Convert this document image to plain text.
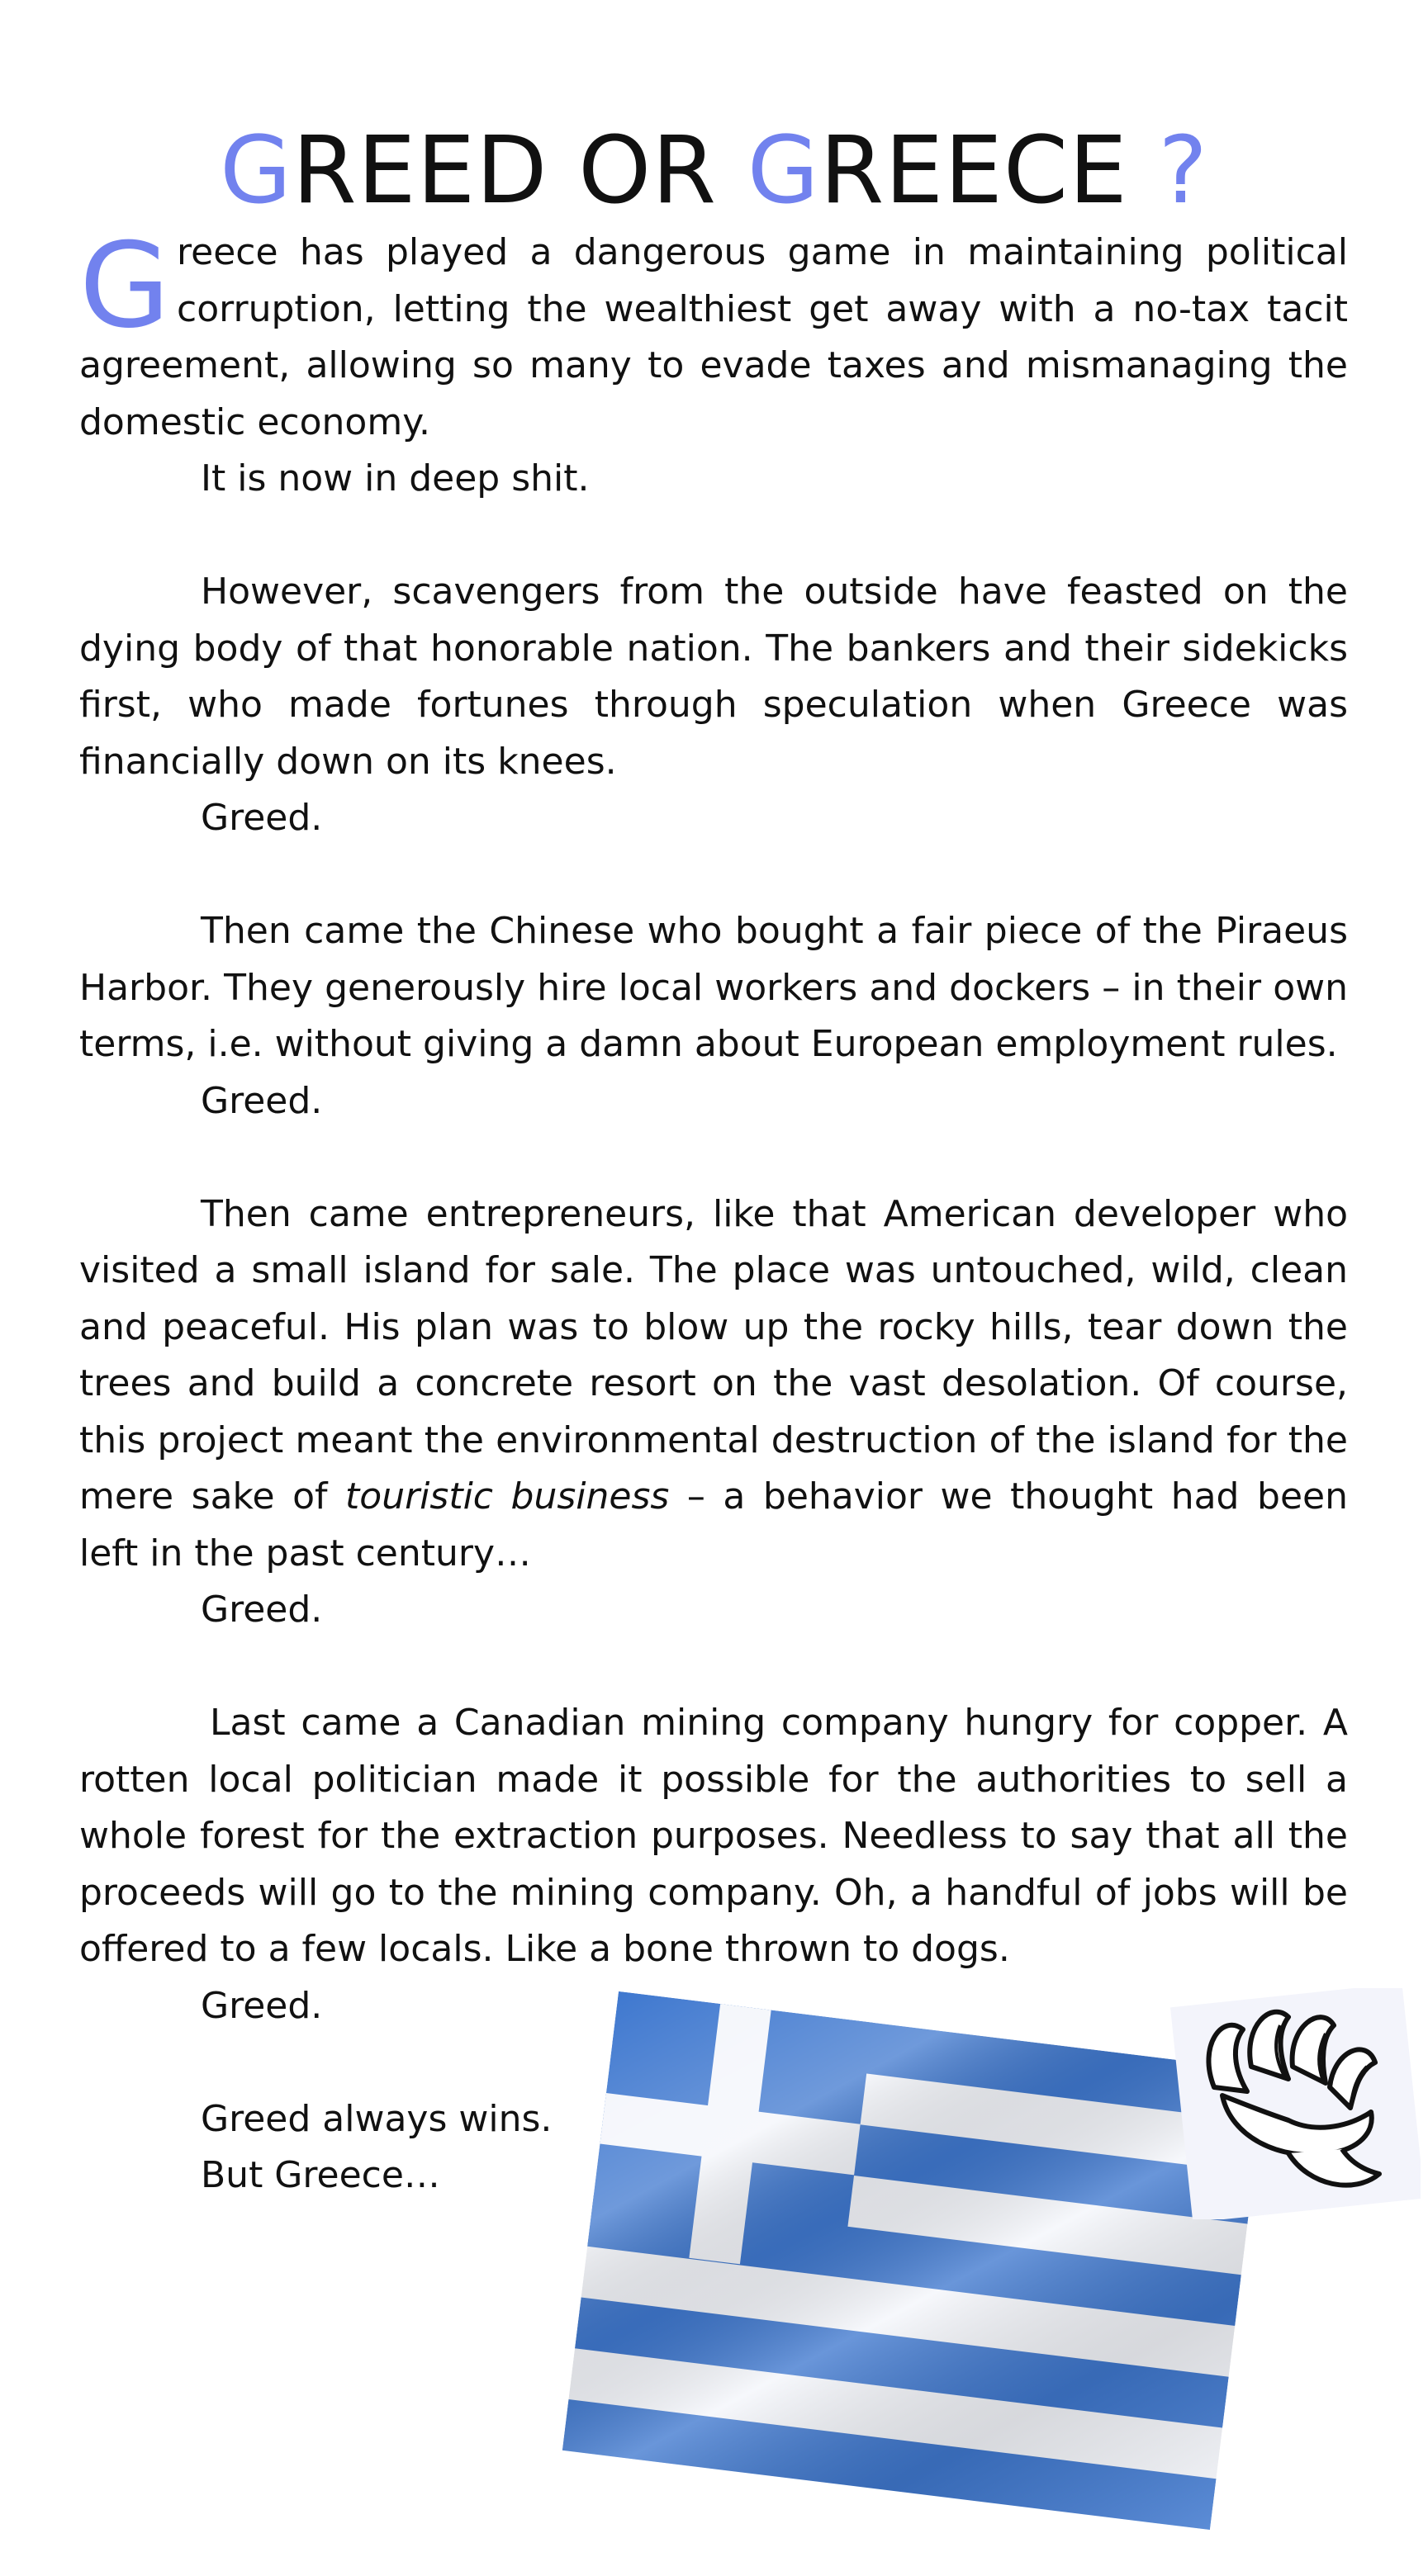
GREED OR GREECE ?

Greece has played a dangerous game in maintaining political corruption, letting the wealthiest get away with a no-tax tacit agreement, allowing so many to evade taxes and mismanaging the domestic economy.

It is now in deep shit.

However, scavengers from the outside have feasted on the dying body of that honorable nation. The bankers and their sidekicks first, who made fortunes through speculation when Greece was financially down on its knees.

Greed.

Then came the Chinese who bought a fair piece of the Piraeus Harbor. They generously hire local workers and dockers – in their own terms, i.e. without giving a damn about European employment rules.

Greed.

Then came entrepreneurs, like that American developer who visited a small island for sale. The place was untouched, wild, clean and peaceful. His plan was to blow up the rocky hills, tear down the trees and build a concrete resort on the vast desolation. Of course, this project meant the environmental destruction of the island for the mere sake of touristic business – a behavior we thought had been left in the past century…

Greed.

Last came a Canadian mining company hungry for copper. A rotten local politician made it possible for the authorities to sell a whole forest for the extraction purposes. Needless to say that all the proceeds will go to the mining company. Oh, a handful of jobs will be offered to a few locals. Like a bone thrown to dogs.

Greed.

Greed always wins.

But Greece…
